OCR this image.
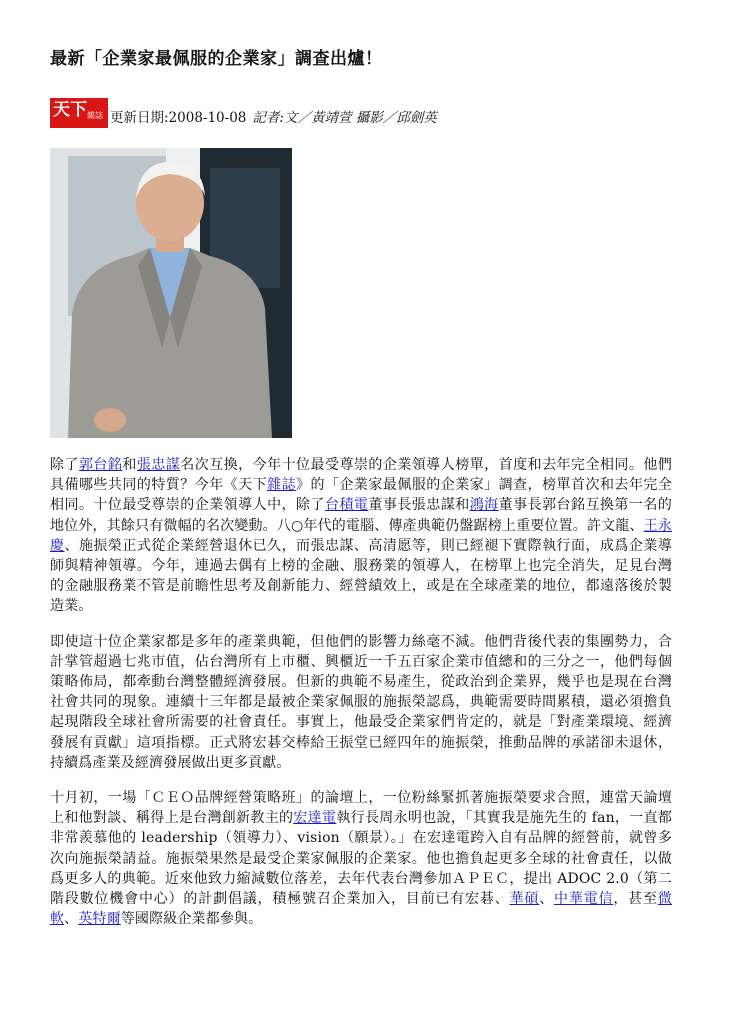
最新「企業家最佩服的企業家」調查出爐！
天下 雜誌 更新日期:2008-10-08 記者:文／黃靖萱 攝影／邱劍英

除了郭台銘和張忠謀名次互換，今年十位最受尊崇的企業領導人榜單，首度和去年完全相同。他們具備哪些共同的特質？今年《天下雜誌》的「企業家最佩服的企業家」調查，榜單首次和去年完全相同。十位最受尊崇的企業領導人中，除了台積電董事長張忠謀和鴻海董事長郭台銘互換第一名的地位外，其餘只有微幅的名次變動。八○年代的電腦、傳產典範仍盤踞榜上重要位置。許文龍、王永慶、施振榮正式從企業經營退休已久，而張忠謀、高清愿等，則已經褪下實際執行面，成爲企業導師與精神領導。今年，連過去偶有上榜的金融、服務業的領導人，在榜單上也完全消失，足見台灣的金融服務業不管是前瞻性思考及創新能力、經營績效上，或是在全球產業的地位，都遠落後於製造業。

即使這十位企業家都是多年的產業典範，但他們的影響力絲毫不減。他們背後代表的集團勢力，合計掌管超過七兆市值，佔台灣所有上市櫃、興櫃近一千五百家企業市值總和的三分之一，他們每個策略佈局，都牽動台灣整體經濟發展。但新的典範不易產生，從政治到企業界，幾乎也是現在台灣社會共同的現象。連續十三年都是最被企業家佩服的施振榮認爲，典範需要時間累積，還必須擔負起現階段全球社會所需要的社會責任。事實上，他最受企業家們肯定的，就是「對產業環境、經濟發展有貢獻」這項指標。正式將宏碁交棒給王振堂已經四年的施振榮，推動品牌的承諾卻未退休，持續爲產業及經濟發展做出更多貢獻。

十月初，一場「ＣＥＯ品牌經營策略班」的論壇上，一位粉絲緊抓著施振榮要求合照，連當天論壇上和他對談、稱得上是台灣創新教主的宏達電執行長周永明也說，「其實我是施先生的 fan，一直都非常羨慕他的 leadership（領導力）、vision（願景）。」在宏達電跨入自有品牌的經營前，就曾多次向施振榮請益。施振榮果然是最受企業家佩服的企業家。他也擔負起更多全球的社會責任，以做爲更多人的典範。近來他致力縮減數位落差，去年代表台灣參加ＡＰＥＣ，提出 ADOC 2.0（第二階段數位機會中心）的計劃倡議，積極號召企業加入，目前已有宏碁、華碩、中華電信，甚至微軟、英特爾等國際級企業都參與。
